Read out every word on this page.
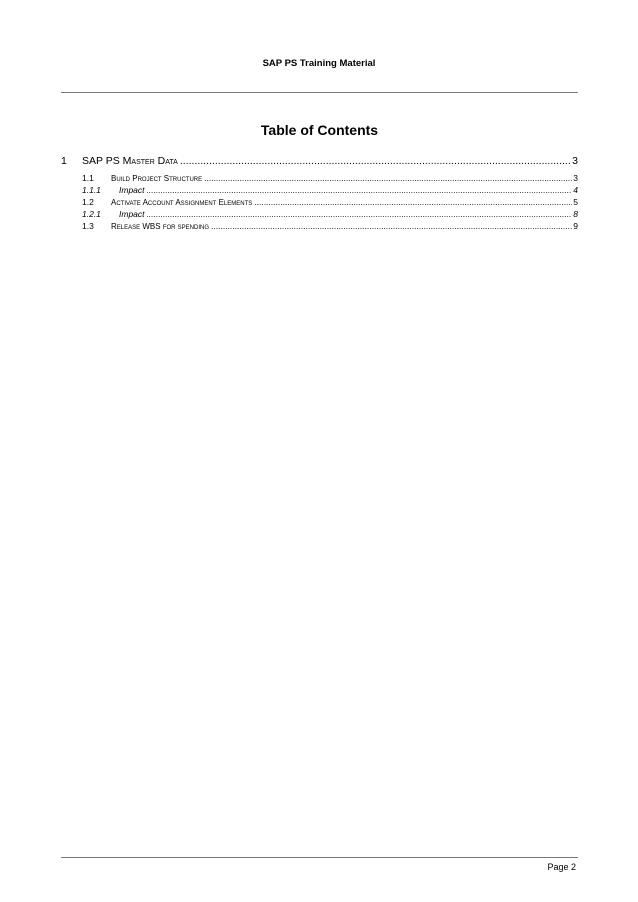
SAP PS Training Material
Table of Contents
1	SAP PS Master Data .....	3
1.1	Build Project Structure .....	3
1.1.1	Impact .....	4
1.2	Activate Account Assignment Elements .....	5
1.2.1	Impact .....	8
1.3	Release WBS for spending .....	9
Page 2
